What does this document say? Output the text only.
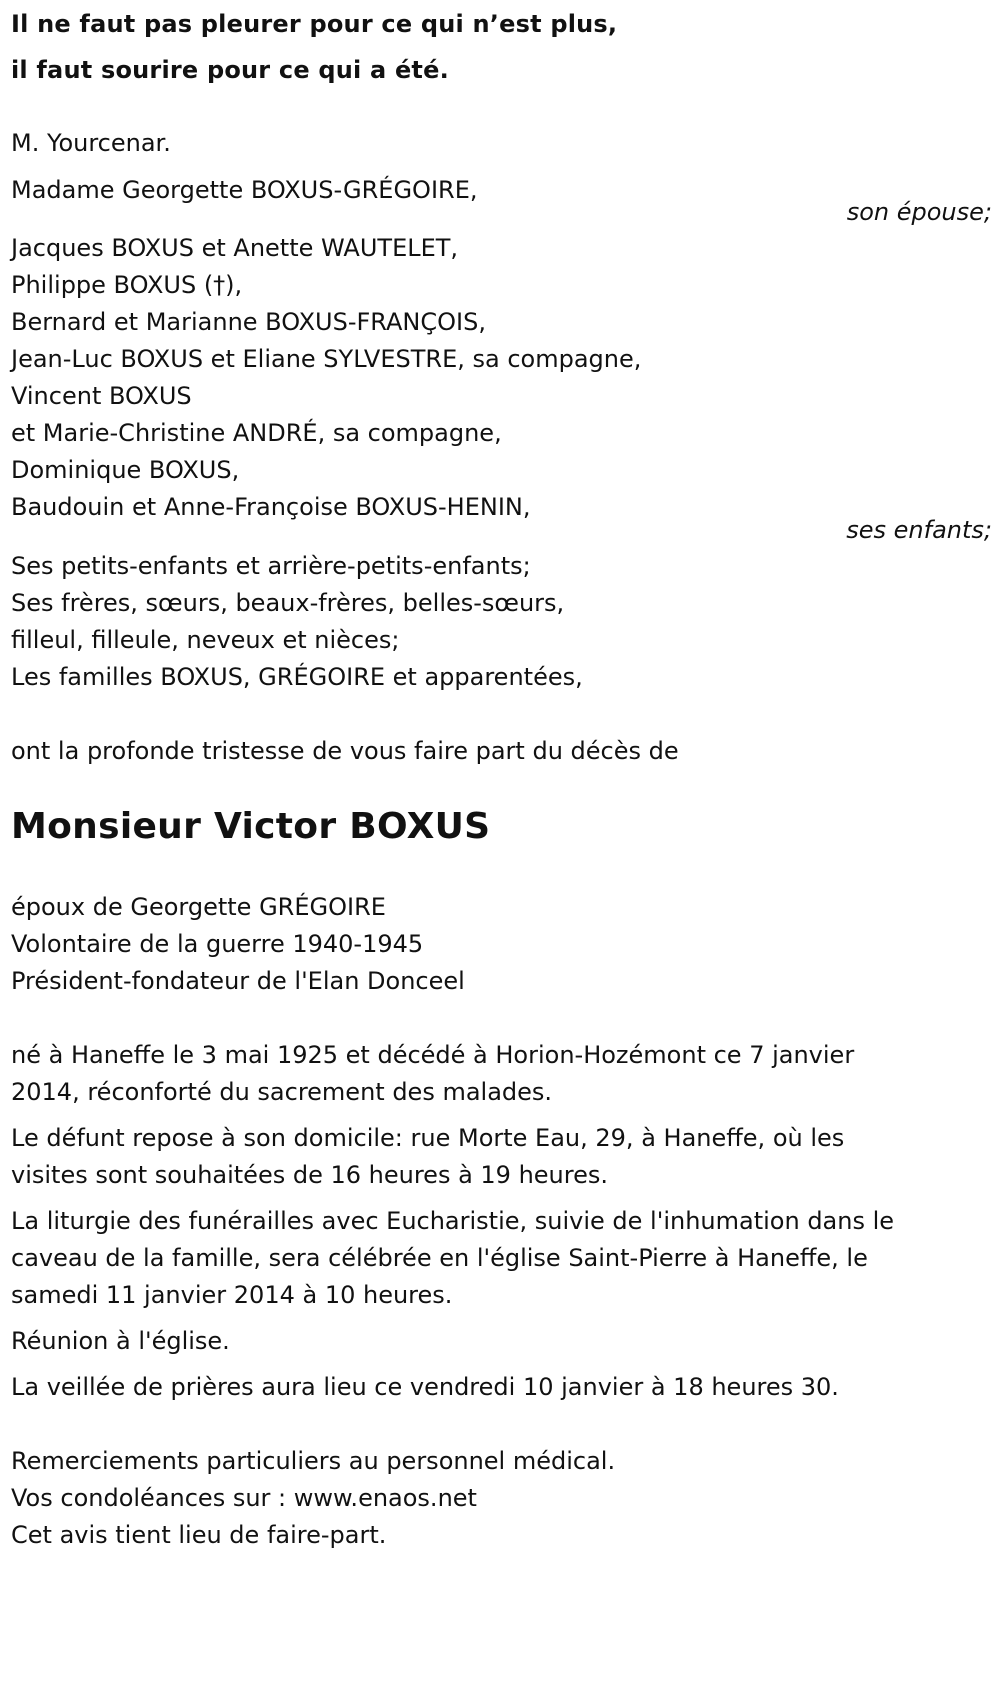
Il ne faut pas pleurer pour ce qui n’est plus,
il faut sourire pour ce qui a été.
M. Yourcenar.
Madame Georgette BOXUS-GRÉGOIRE,
son épouse;
Jacques BOXUS et Anette WAUTELET,
Philippe BOXUS (†),
Bernard et Marianne BOXUS-FRANÇOIS,
Jean-Luc BOXUS et Eliane SYLVESTRE, sa compagne,
Vincent BOXUS
et Marie-Christine ANDRÉ, sa compagne,
Dominique BOXUS,
Baudouin et Anne-Françoise BOXUS-HENIN,
ses enfants;
Ses petits-enfants et arrière-petits-enfants;
Ses frères, sœurs, beaux-frères, belles-sœurs,
filleul, filleule, neveux et nièces;
Les familles BOXUS, GRÉGOIRE et apparentées,
ont la profonde tristesse de vous faire part du décès de
Monsieur Victor BOXUS
époux de Georgette GRÉGOIRE
Volontaire de la guerre 1940-1945
Président-fondateur de l'Elan Donceel
né à Haneffe le 3 mai 1925 et décédé à Horion-Hozémont ce 7 janvier
2014, réconforté du sacrement des malades.
Le défunt repose à son domicile: rue Morte Eau, 29, à Haneffe, où les
visites sont souhaitées de 16 heures à 19 heures.
La liturgie des funérailles avec Eucharistie, suivie de l'inhumation dans le
caveau de la famille, sera célébrée en l'église Saint-Pierre à Haneffe, le
samedi 11 janvier 2014 à 10 heures.
Réunion à l'église.
La veillée de prières aura lieu ce vendredi 10 janvier à 18 heures 30.
Remerciements particuliers au personnel médical.
Vos condoléances sur : www.enaos.net
Cet avis tient lieu de faire-part.
